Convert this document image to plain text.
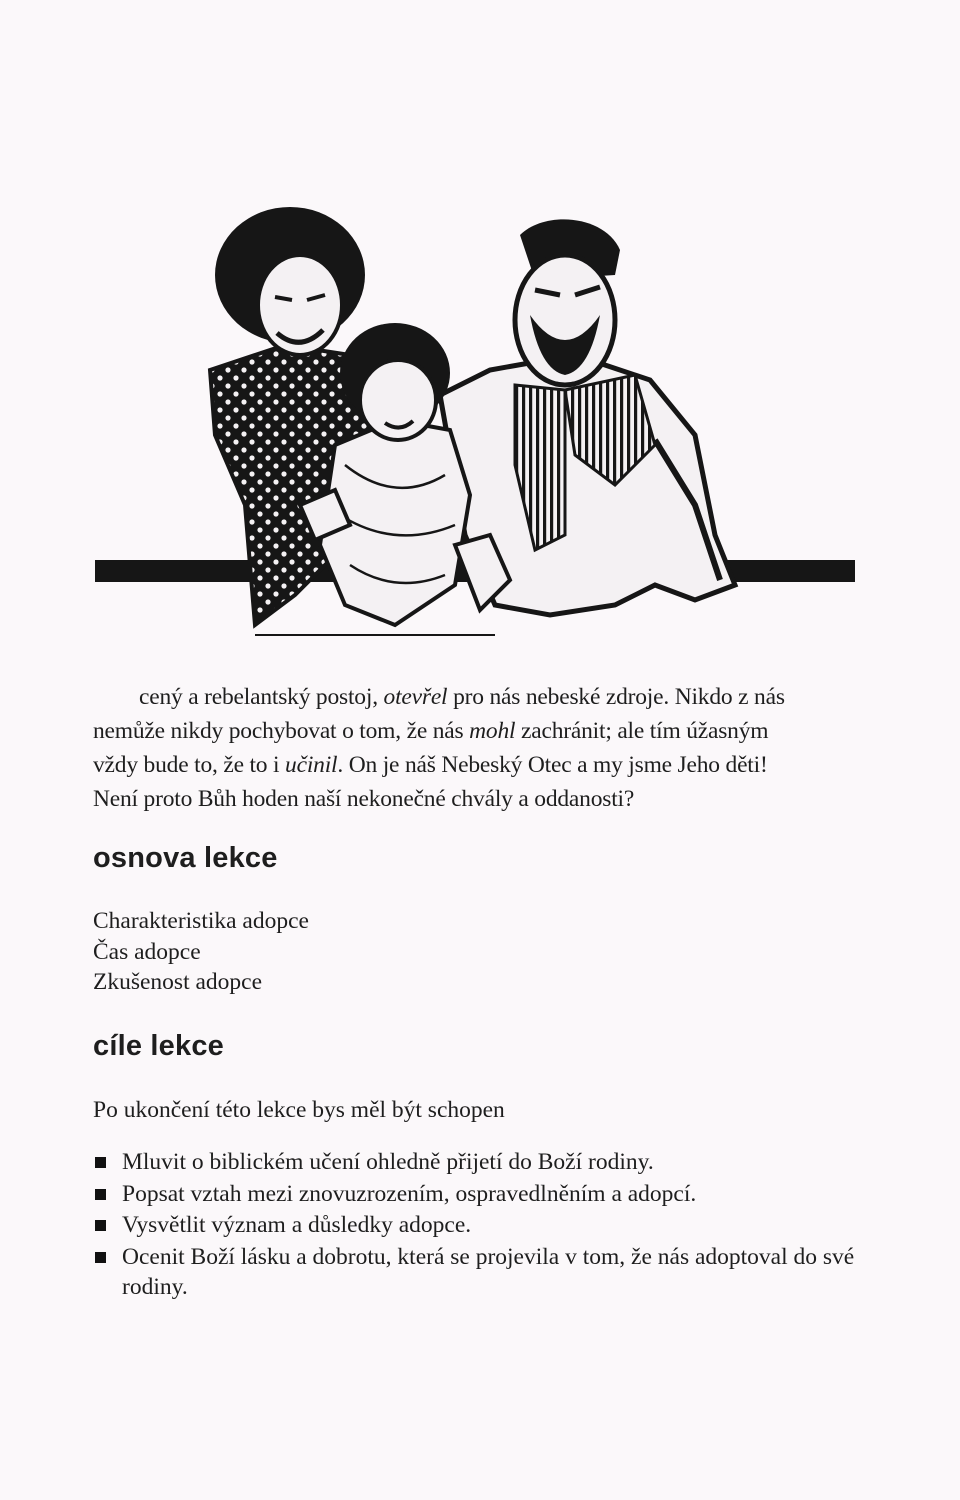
cený a rebelantský postoj, otevřel pro nás nebeské zdroje. Nikdo z nás

nemůže nikdy pochybovat o tom, že nás mohl zachránit; ale tím úžasným

vždy bude to, že to i učinil. On je náš Nebeský Otec a my jsme Jeho děti!

Není proto Bůh hoden naší nekonečné chvály a oddanosti?

osnova lekce
Charakteristika adopce
Čas adopce
Zkušenost adopce
cíle lekce

Po ukončení této lekce bys měl být schopen

Mluvit o biblickém učení ohledně přijetí do Boží rodiny.
Popsat vztah mezi znovuzrozením, ospravedlněním a adopcí.
Vysvětlit význam a důsledky adopce.
Ocenit Boží lásku a dobrotu, která se projevila v tom, že nás adoptoval do své rodiny.
